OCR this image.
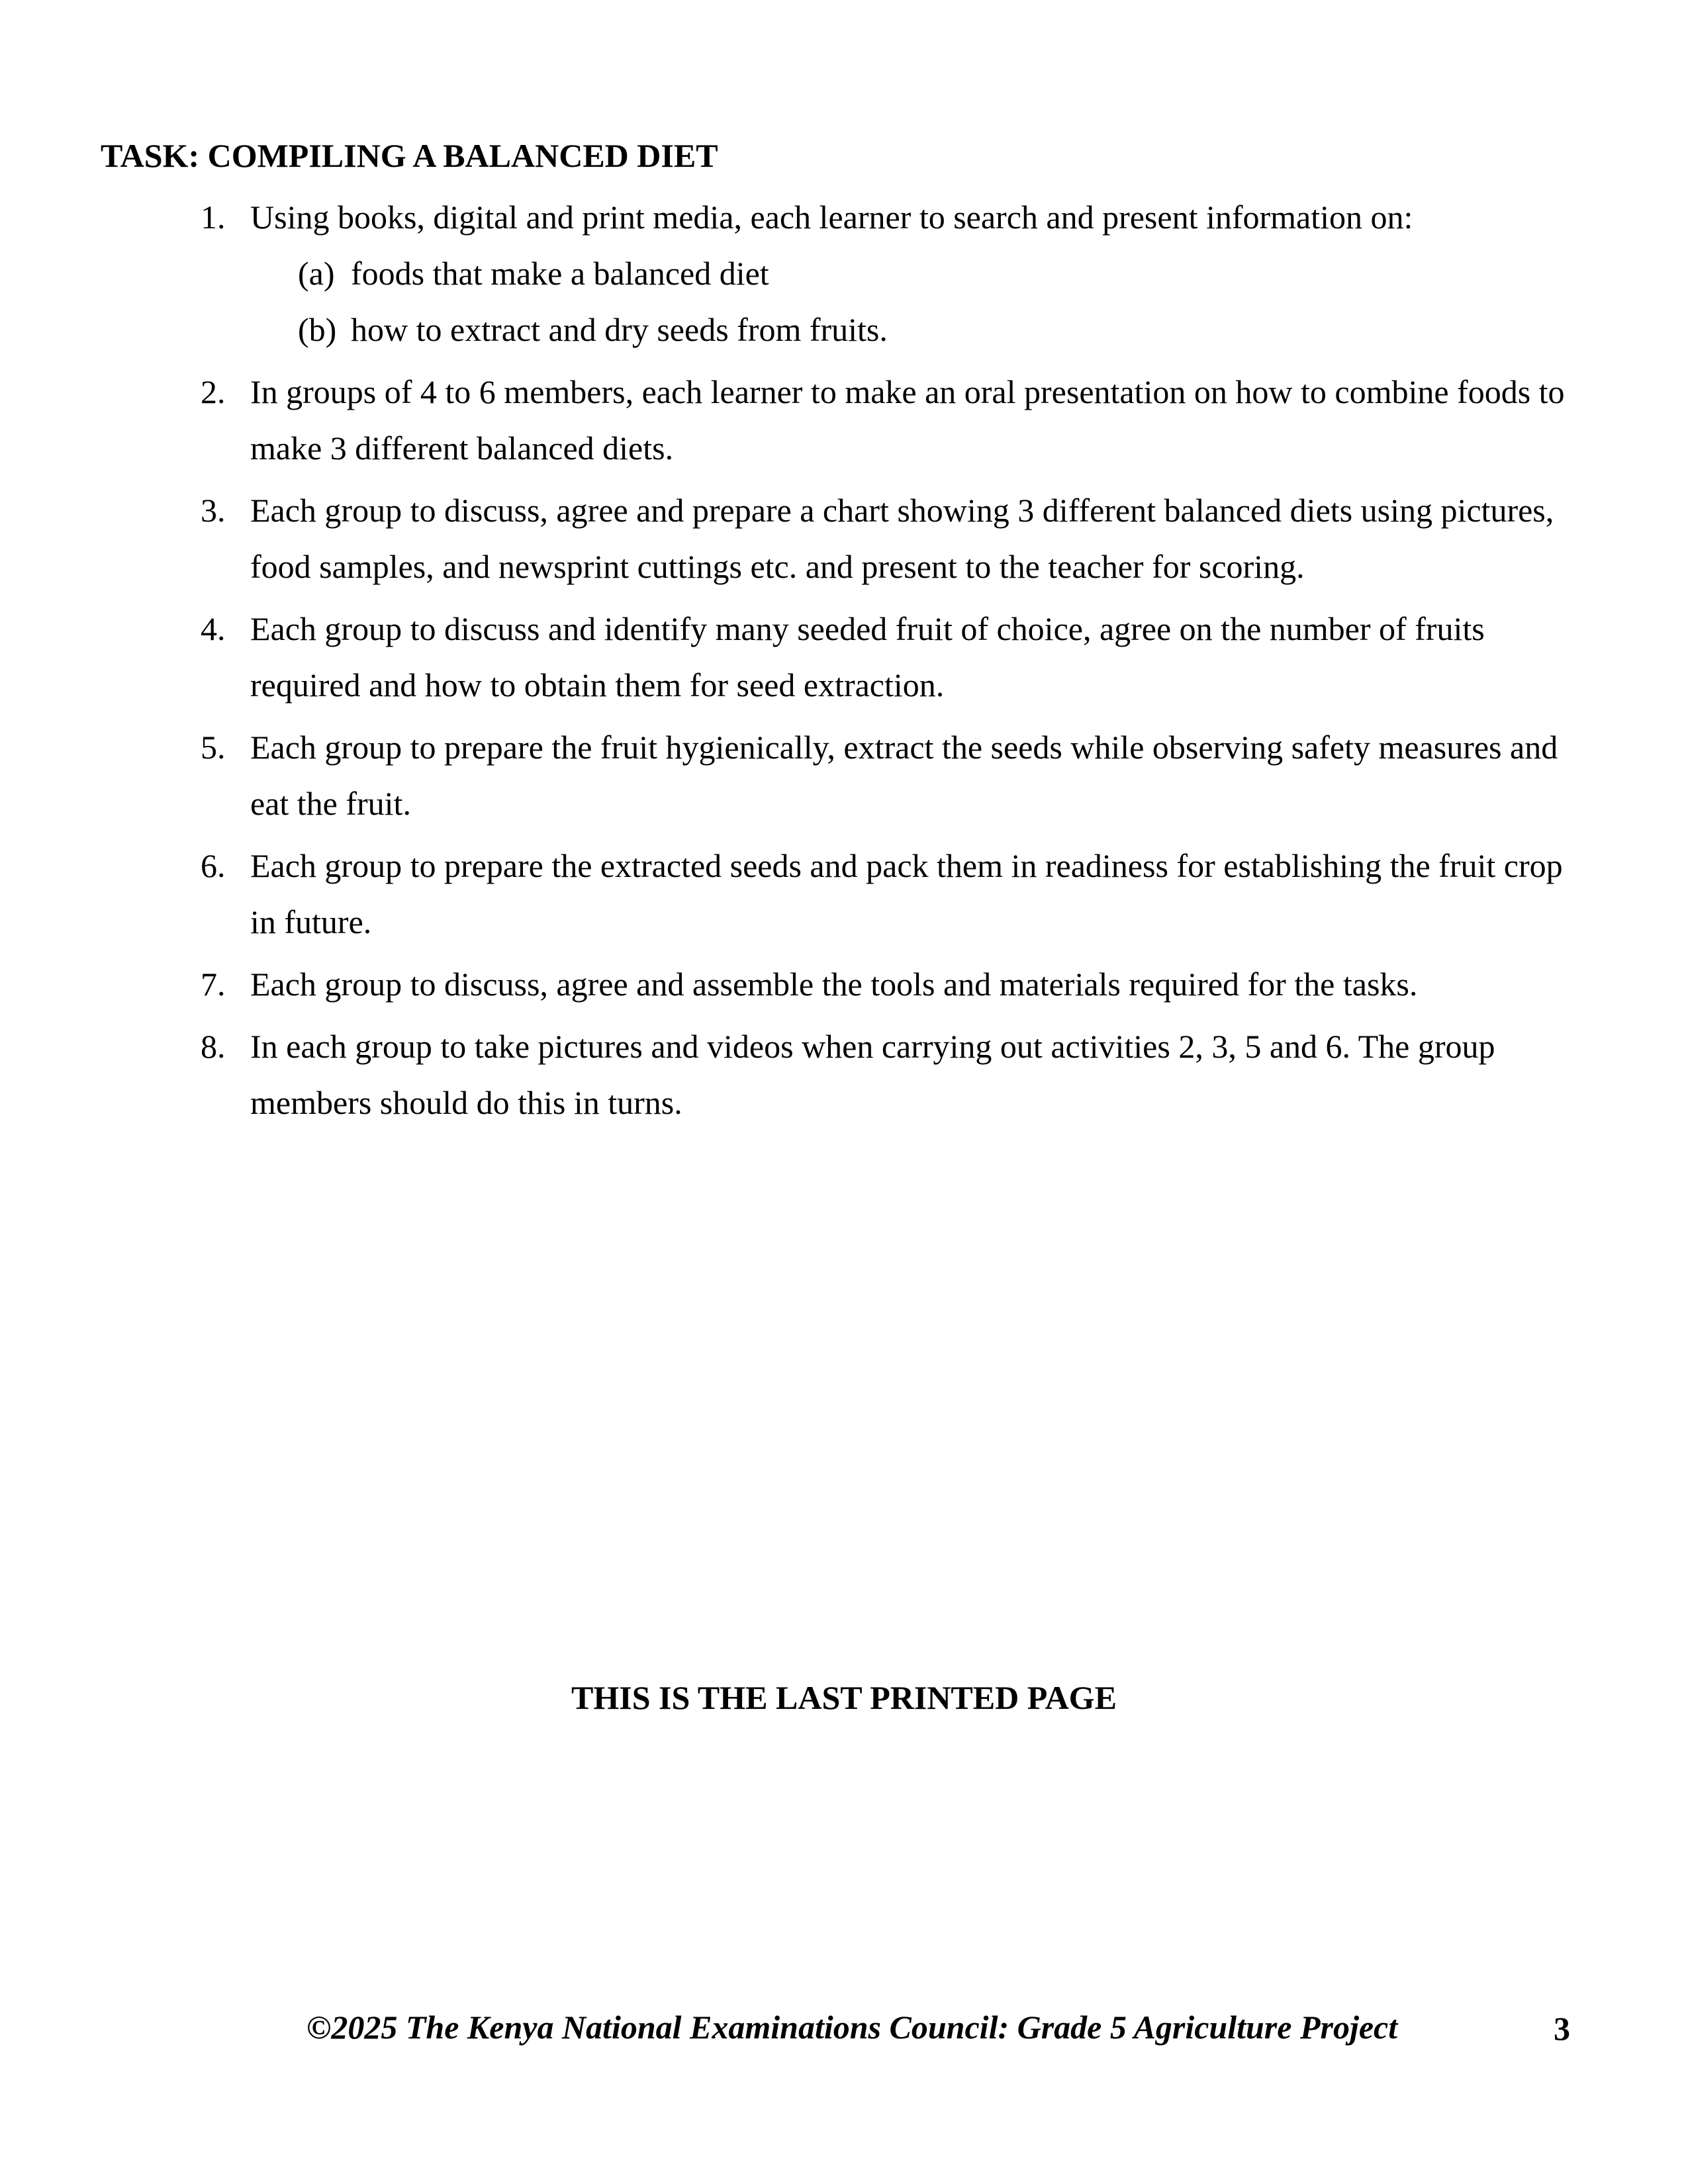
TASK: COMPILING A BALANCED DIET
1. Using books, digital and print media, each learner to search and present information on:
(a) foods that make a balanced diet
(b) how to extract and dry seeds from fruits.
2. In groups of 4 to 6 members, each learner to make an oral presentation on how to combine foods to make 3 different balanced diets.
3. Each group to discuss, agree and prepare a chart showing 3 different balanced diets using pictures, food samples, and newsprint cuttings etc. and present to the teacher for scoring.
4. Each group to discuss and identify many seeded fruit of choice, agree on the number of fruits required and how to obtain them for seed extraction.
5. Each group to prepare the fruit hygienically, extract the seeds while observing safety measures and eat the fruit.
6. Each group to prepare the extracted seeds and pack them in readiness for establishing the fruit crop in future.
7. Each group to discuss, agree and assemble the tools and materials required for the tasks.
8. In each group to take pictures and videos when carrying out activities 2, 3, 5 and 6. The group members should do this in turns.
THIS IS THE LAST PRINTED PAGE
©2025 The Kenya National Examinations Council: Grade 5 Agriculture Project	3
